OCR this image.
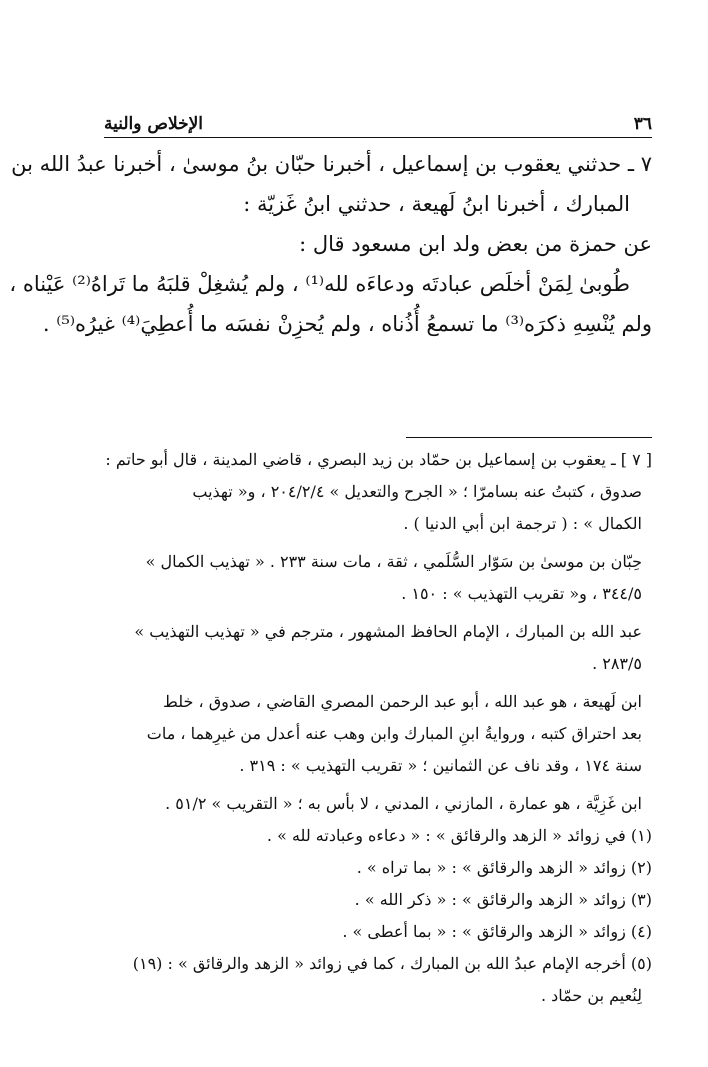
٣٦
الإخلاص والنية
٧ ـ حدثني يعقوب بن إسماعيل ، أخبرنا حبّان بنُ موسىٰ ، أخبرنا عبدُ الله بن
المبارك ، أخبرنا ابنُ لَهيعة ، حدثني ابنُ غَزيّة :
عن حمزة من بعض ولد ابن مسعود قال :
طُوبىٰ لِمَنْ أخلَص عبادتَه ودعاءَه لله⁽¹⁾ ، ولم يُشغِلْ قلبَهُ ما تَراهُ⁽²⁾ عَيْناه ،
ولم يُنْسِهِ ذكرَه⁽³⁾ ما تسمعُ أُذُناه ، ولم يُحزِنْ نفسَه ما أُعطِيَ⁽⁴⁾ غيرُه⁽⁵⁾ .
[ ٧ ] ـ يعقوب بن إسماعيل بن حمّاد بن زيد البصري ، قاضي المدينة ، قال أبو حاتم :
صدوق ، كتبتُ عنه بسامرّا ؛ « الجرح والتعديل » ٢٠٤/٢/٤ ، و« تهذيب
الكمال » : ( ترجمة ابن أبي الدنيا ) .
حِبّان بن موسىٰ بن سَوّار السُّلَمي ، ثقة ، مات سنة ٢٣٣ . « تهذيب الكمال »
٣٤٤/٥ ، و« تقريب التهذيب » : ١٥٠ .
عبد الله بن المبارك ، الإمام الحافظ المشهور ، مترجم في « تهذيب التهذيب »
٢٨٣/٥ .
ابن لَهيعة ، هو عبد الله ، أبو عبد الرحمن المصري القاضي ، صدوق ، خلط
بعد احتراق كتبه ، وروايةُ ابنِ المبارك وابن وهب عنه أعدل من غيرِهما ، مات
سنة ١٧٤ ، وقد ناف عن الثمانين ؛ « تقريب التهذيب » : ٣١٩ .
ابن غَزِيَّة ، هو عمارة ، المازني ، المدني ، لا بأس به ؛ « التقريب » ٥١/٢ .
(١) في زوائد « الزهد والرقائق » : « دعاءه وعبادته لله » .
(٢) زوائد « الزهد والرقائق » : « بما تراه » .
(٣) زوائد « الزهد والرقائق » : « ذكر الله » .
(٤) زوائد « الزهد والرقائق » : « بما أعطى » .
(٥) أخرجه الإمام عبدُ الله بن المبارك ، كما في زوائد « الزهد والرقائق » : (١٩)
لِنُعيم بن حمّاد .
